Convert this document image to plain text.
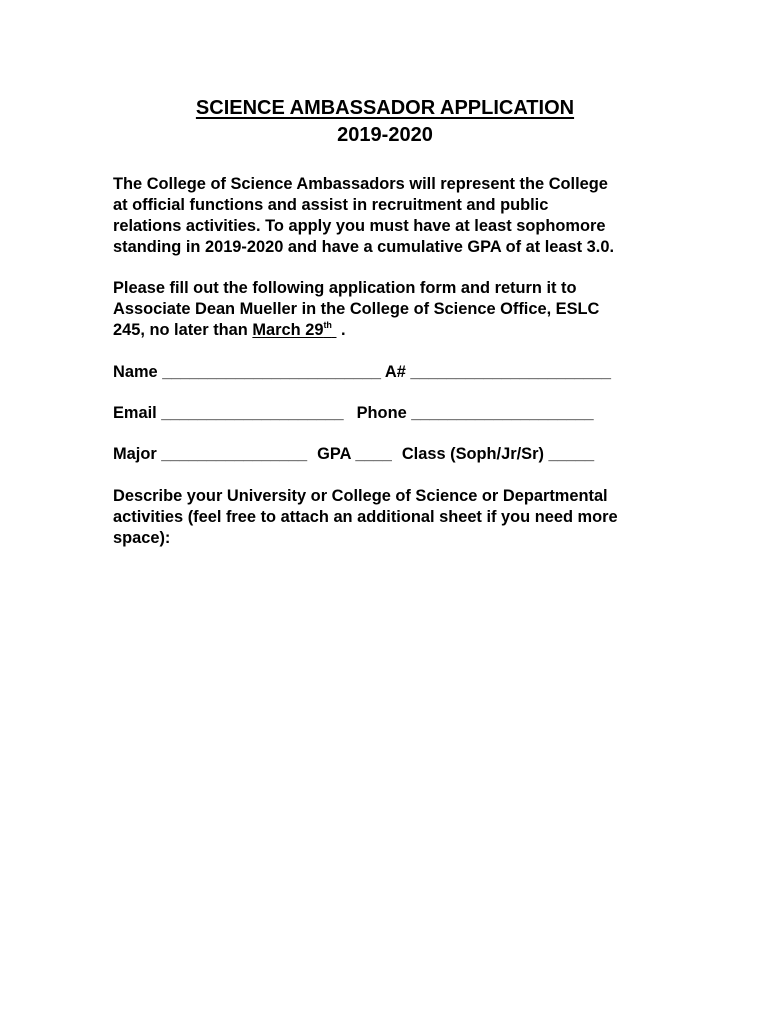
SCIENCE AMBASSADOR APPLICATION
2019-2020
The College of Science Ambassadors will represent the College
at official functions and assist in recruitment and public
relations activities. To apply you must have at least sophomore
standing in 2019-2020 and have a cumulative GPA of at least 3.0.
Please fill out the following application form and return it to
Associate Dean Mueller in the College of Science Office, ESLC
245, no later than March 29th  .
Name ________________________ A# ______________________
Email ____________________ Phone ____________________
Major ________________ GPA ____ Class (Soph/Jr/Sr) _____
Describe your University or College of Science or Departmental
activities (feel free to attach an additional sheet if you need more
space):
